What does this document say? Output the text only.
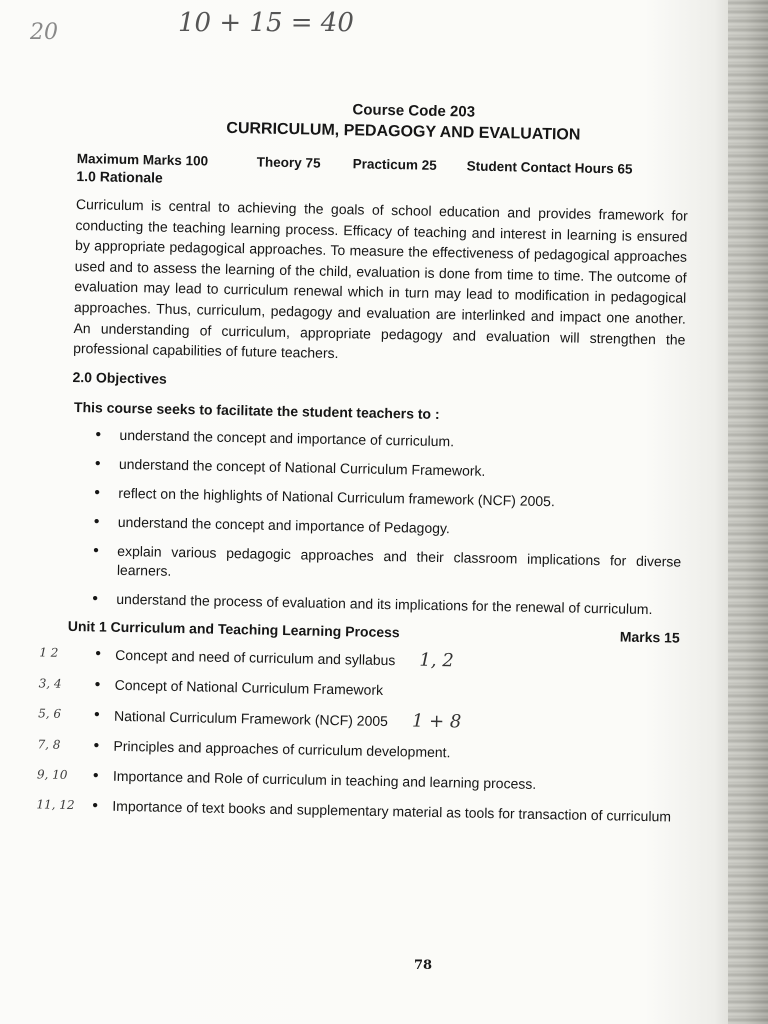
20	10 + 15 = 40
Course Code 203
CURRICULUM, PEDAGOGY AND EVALUATION
Maximum Marks 100	Theory 75	Practicum 25	Student Contact Hours 65
1.0 Rationale

Curriculum is central to achieving the goals of school education and provides framework for conducting the teaching learning process. Efficacy of teaching and interest in learning is ensured by appropriate pedagogical approaches. To measure the effectiveness of pedagogical approaches used and to assess the learning of the child, evaluation is done from time to time. The outcome of evaluation may lead to curriculum renewal which in turn may lead to modification in pedagogical approaches. Thus, curriculum, pedagogy and evaluation are interlinked and impact one another. An understanding of curriculum, appropriate pedagogy and evaluation will strengthen the professional capabilities of future teachers.

2.0 Objectives
This course seeks to facilitate the student teachers to :
• understand the concept and importance of curriculum.
• understand the concept of National Curriculum Framework.
• reflect on the highlights of National Curriculum framework (NCF) 2005.
• understand the concept and importance of Pedagogy.
• explain various pedagogic approaches and their classroom implications for diverse learners.
• understand the process of evaluation and its implications for the renewal of curriculum.
Unit 1 Curriculum and Teaching Learning Process	Marks 15
• 1 2	Concept and need of curriculum and syllabus 1, 2
• 3, 4	Concept of National Curriculum Framework
• 5, 6	National Curriculum Framework (NCF) 2005 1 + 8
• 7, 8	Principles and approaches of curriculum development.
• 9, 10	Importance and Role of curriculum in teaching and learning process.
• 11, 12	Importance of text books and supplementary material as tools for transaction of curriculum
78
